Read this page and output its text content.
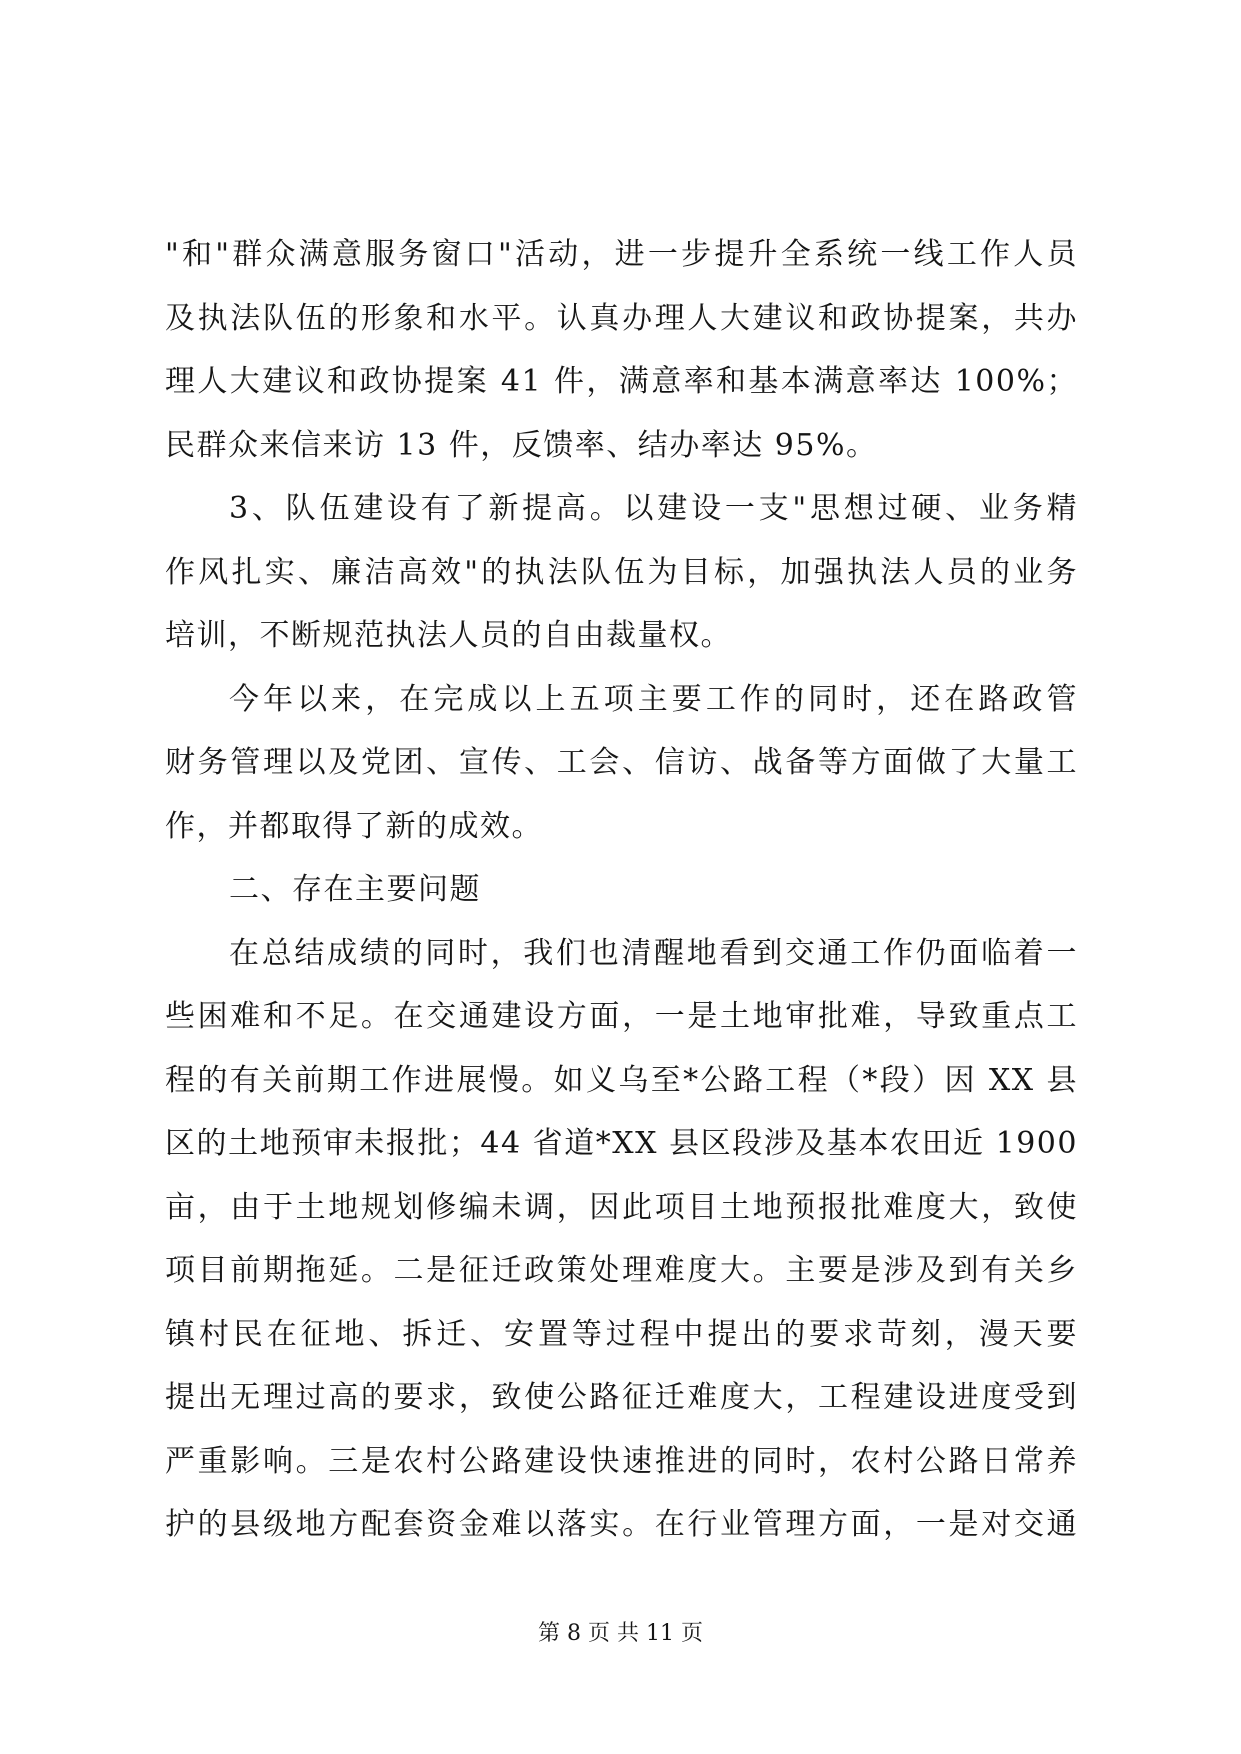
"和"群众满意服务窗口"活动，进一步提升全系统一线工作人员
及执法队伍的形象和水平。认真办理人大建议和政协提案，共办
理人大建议和政协提案 41 件，满意率和基本满意率达 100%；
民群众来信来访 13 件，反馈率、结办率达 95%。
3、队伍建设有了新提高。以建设一支"思想过硬、业务精
作风扎实、廉洁高效"的执法队伍为目标，加强执法人员的业务
培训，不断规范执法人员的自由裁量权。
今年以来，在完成以上五项主要工作的同时，还在路政管
财务管理以及党团、宣传、工会、信访、战备等方面做了大量工
作，并都取得了新的成效。
二、存在主要问题
在总结成绩的同时，我们也清醒地看到交通工作仍面临着一
些困难和不足。在交通建设方面，一是土地审批难，导致重点工
程的有关前期工作进展慢。如义乌至*公路工程（*段）因 XX 县
区的土地预审未报批；44 省道*XX 县区段涉及基本农田近 1900
亩，由于土地规划修编未调，因此项目土地预报批难度大，致使
项目前期拖延。二是征迁政策处理难度大。主要是涉及到有关乡
镇村民在征地、拆迁、安置等过程中提出的要求苛刻，漫天要
提出无理过高的要求，致使公路征迁难度大，工程建设进度受到
严重影响。三是农村公路建设快速推进的同时，农村公路日常养
护的县级地方配套资金难以落实。在行业管理方面，一是对交通
第 8 页 共 11 页
